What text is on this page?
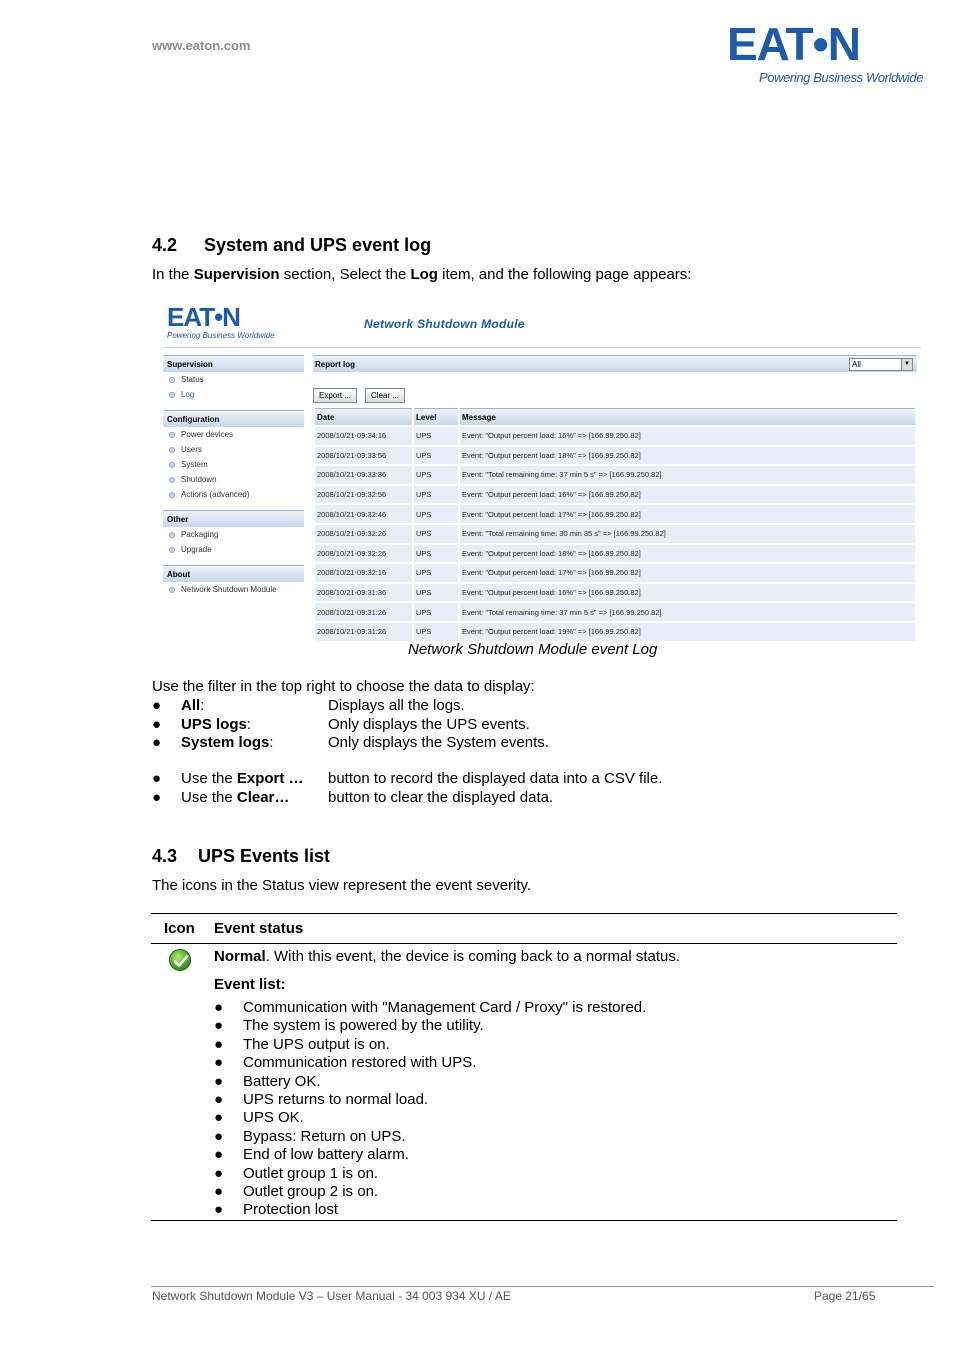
www.eaton.com	EAT•N
Powering Business Worldwide
4.2 System and UPS event log
In the Supervision section, Select the Log item, and the following page appears:
EAT•N
Powering Business Worldwide
Network Shutdown Module
Supervision
Status
Log
Configuration
Power devices
Users
System
Shutdown
Actions (advanced)
Other
Packaging
Upgrade
About
Network Shutdown Module
Report log	All	▼
Export ...	Clear ...
Date	Level	Message
2008/10/21-09:34:16	UPS	Event: "Output percent load: 16%" => [166.99.250.82]
2008/10/21-09:33:56	UPS	Event: "Output percent load: 18%" => [166.99.250.82]
2008/10/21-09:33:36	UPS	Event: "Total remaining time: 37 min 5 s" => [166.99.250.82]
2008/10/21-09:32:56	UPS	Event: "Output percent load: 16%" => [166.99.250.82]
2008/10/21-09:32:46	UPS	Event: "Output percent load: 17%" => [166.99.250.82]
2008/10/21-09:32:26	UPS	Event: "Total remaining time: 30 min 35 s" => [166.99.250.82]
2008/10/21-09:32:26	UPS	Event: "Output percent load: 18%" => [166.99.250.82]
2008/10/21-09:32:16	UPS	Event: "Output percent load: 17%" => [166.99.250.82]
2008/10/21-09:31:36	UPS	Event: "Output percent load: 16%" => [166.99.250.82]
2008/10/21-09:31:26	UPS	Event: "Total remaining time: 37 min 5 s" => [166.99.250.82]
2008/10/21-09:31:26	UPS	Event: "Output percent load: 19%" => [166.99.250.82]
Network Shutdown Module event Log
Use the filter in the top right to choose the data to display:
● All:	Displays all the logs.
● UPS logs:	Only displays the UPS events.
● System logs:	Only displays the System events.
● Use the Export … button to record the displayed data into a CSV file.
● Use the Clear…	button to clear the displayed data.
4.3 UPS Events list
The icons in the Status view represent the event severity.
Icon Event status
Normal. With this event, the device is coming back to a normal status.
Event list:
● Communication with "Management Card / Proxy" is restored.
● The system is powered by the utility.
● The UPS output is on.
● Communication restored with UPS.
● Battery OK.
● UPS returns to normal load.
● UPS OK.
● Bypass: Return on UPS.
● End of low battery alarm.
● Outlet group 1 is on.
● Outlet group 2 is on.
● Protection lost
Network Shutdown Module V3 – User Manual - 34 003 934 XU / AE	Page 21/65
